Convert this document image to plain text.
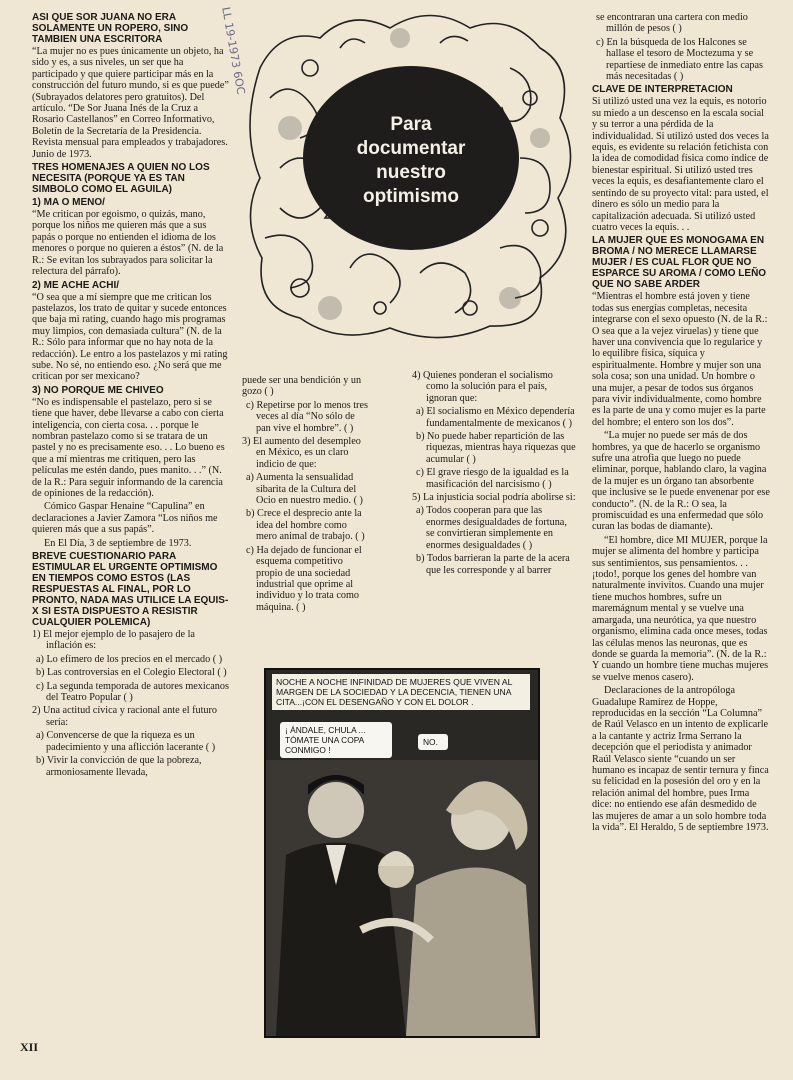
ASI QUE SOR JUANA NO ERA SOLAMENTE UN ROPERO, SINO TAMBIEN UNA ESCRITORA

“La mujer no es pues únicamente un objeto, ha sido y es, a sus niveles, un ser que ha participado y que quiere participar más en la construcción del futuro mundo, si es que puede” (Subrayados delatores pero gratuitos). Del artículo. “De Sor Juana Inés de la Cruz a Rosario Castellanos” en Correo Informativo, Boletín de la Secretaría de la Presidencia. Revista mensual para empleados y trabajadores. Junio de 1973.

TRES HOMENAJES A QUIEN NO LOS NECESITA (PORQUE YA ES TAN SIMBOLO COMO EL AGUILA)
1) MA O MENO/

“Me critican por egoismo, o quizás, mano, porque los niños me quieren más que a sus papás o porque no entienden el idioma de los menores o porque no quieren a éstos” (N. de la R.: Se evitan los subrayados para solicitar la relectura del párrafo).

2) ME ACHE ACHI/

“O sea que a mí siempre que me critican los pastelazos, los trato de quitar y sucede entonces que baja mi rating, cuando hago mis programas muy limpios, con demasiada cultura” (N. de la R.: Sólo para informar que no hay nota de la redacción). Le entro a los pastelazos y mi rating sube. No sé, no entiendo eso. ¿No será que me critican por ser mexicano?

3) NO PORQUE ME CHIVEO

“No es indispensable el pastelazo, pero si se tiene que haver, debe llevarse a cabo con cierta inteligencia, con cierta cosa. . . porque le nombran pastelazo como si se tratara de un pastel y no es precisamente eso. . . Lo bueno es que a mí mientras me critiquen, pero las películas me estén dando, pues manito. . .” (N. de la R.: Para seguir informando de la carencia de opiniones de la redacción).

Cómico Gaspar Henaine “Capulina” en declaraciones a Javier Zamora “Los niños me quieren más que a sus papás”.

En El Día, 3 de septiembre de 1973.

BREVE CUESTIONARIO PARA ESTIMULAR EL URGENTE OPTIMISMO EN TIEMPOS COMO ESTOS (LAS RESPUESTAS AL FINAL, POR LO PRONTO, NADA MAS UTILICE LA EQUIS-X SI ESTA DISPUESTO A RESISTIR CUALQUIER POLEMICA)

1) El mejor ejemplo de lo pasajero de la inflación es:

a) Lo efímero de los precios en el mercado ( )

b) Las controversias en el Colegio Electoral ( )

c) La segunda temporada de autores mexicanos del Teatro Popular ( )

2) Una actitud cívica y racional ante el futuro sería:

a) Convencerse de que la riqueza es un padecimiento y una aflicción lacerante ( )

b) Vivir la convicción de que la pobreza, armoniosamente llevada,

LL 19-1973 6OC
Para
documentar
nuestro
optimismo

puede ser una bendición y un gozo ( )

c) Repetirse por lo menos tres veces al día “No sólo de pan vive el hombre”. ( )

3) El aumento del desempleo en México, es un claro indicio de que:

a) Aumenta la sensualidad sibarita de la Cultura del Ocio en nuestro medio. ( )

b) Crece el desprecio ante la idea del hombre como mero animal de trabajo. ( )

c) Ha dejado de funcionar el esquema competitivo propio de una sociedad industrial que oprime al individuo y lo trata como máquina. ( )

4) Quienes ponderan el socialismo como la solución para el país, ignoran que:

a) El socialismo en México dependería fundamentalmente de mexicanos ( )

b) No puede haber repartición de las riquezas, mientras haya riquezas que acumular ( )

c) El grave riesgo de la igualdad es la masificación del narcisismo ( )

5) La injusticia social podría abolirse si:

a) Todos cooperan para que las enormes desigualdades de fortuna, se convirtieran simplemente en enormes desigualdades ( )

b) Todos barrieran la parte de la acera que les corresponde y al barrer

NOCHE A NOCHE INFINIDAD DE MUJERES QUE VIVEN AL MARGEN DE LA SOCIEDAD Y LA DECENCIA, TIENEN UNA CITA...¡CON EL DESENGAÑO Y CON EL DOLOR .
¡ ÁNDALE, CHULA ... TÓMATE UNA COPA CONMIGO !
NO.

se encontraran una cartera con medio millón de pesos ( )

c) En la búsqueda de los Halcones se hallase el tesoro de Moctezuma y se repartiese de inmediato entre las capas más necesitadas ( )

CLAVE DE INTERPRETACION

Si utilizó usted una vez la equis, es notorio su miedo a un descenso en la escala social y su terror a una pérdida de la individualidad. Si utilizó usted dos veces la equis, es evidente su relación fetichista con la idea de comodidad física como índice de bienestar espiritual. Si utilizó usted tres veces la equis, es desafiantemente claro el sentindo de su proyecto vital: para usted, el dinero es sólo un medio para la capitalización adecuada. Si utilizó usted cuatro veces la equis. . .

LA MUJER QUE ES MONOGAMA EN BROMA / NO MERECE LLAMARSE MUJER / ES CUAL FLOR QUE NO ESPARCE SU AROMA / COMO LEÑO QUE NO SABE ARDER

“Mientras el hombre está joven y tiene todas sus energías completas, necesita integrarse con el sexo opuesto (N. de la R.: O sea que a la vejez viruelas) y tiene que haver una convivencia que lo regularice y lo equilibre física, síquica y espiritualmente. Hombre y mujer son una sola cosa; son una unidad. Un hombre o una mujer, a pesar de todos sus órganos para vivir individualmente, como hombre es la parte de una y como mujer es la parte del hombre; el entero son los dos”.

“La mujer no puede ser más de dos hombres, ya que de hacerlo se organismo sufre una atrofia que luego no puede eliminar, porque, hablando claro, la vagina de la mujer es un órgano tan absorbente que inclusive se le puede envenenar por ese conducto”. (N. de la R.: O sea, la promiscuidad es una enfermedad que sólo curan las bodas de diamante).

“El hombre, dice MI MUJER, porque la mujer se alimenta del hombre y participa sus sentimientos, sus pensamientos. . . ¡todo!, porque los genes del hombre van naturalmente invivitos. Cuando una mujer tiene muchos hombres, sufre un maremágnum mental y se vuelve una amargada, una neurótica, ya que nuestro organismo, elimina cada once meses, todas las células menos las neuronas, que es donde se guarda la memoria”. (N. de la R.: Y cuando un hombre tiene muchas mujeres se vuelve menos casero).

Declaraciones de la antropóloga Guadalupe Ramírez de Hoppe, reproducidas en la sección “La Columna” de Raúl Velasco en un intento de explicarle a la cantante y actriz Irma Serrano la decepción que el periodista y animador Raúl Velasco siente “cuando un ser humano es incapaz de sentir ternura y finca su felicidad en la posesión del oro y en la relación animal del hombre, pues Irma dice: no entiendo ese afán desmedido de las mujeres de amar a un solo hombre toda la vida”. El Heraldo, 5 de septiembre 1973.

XII
